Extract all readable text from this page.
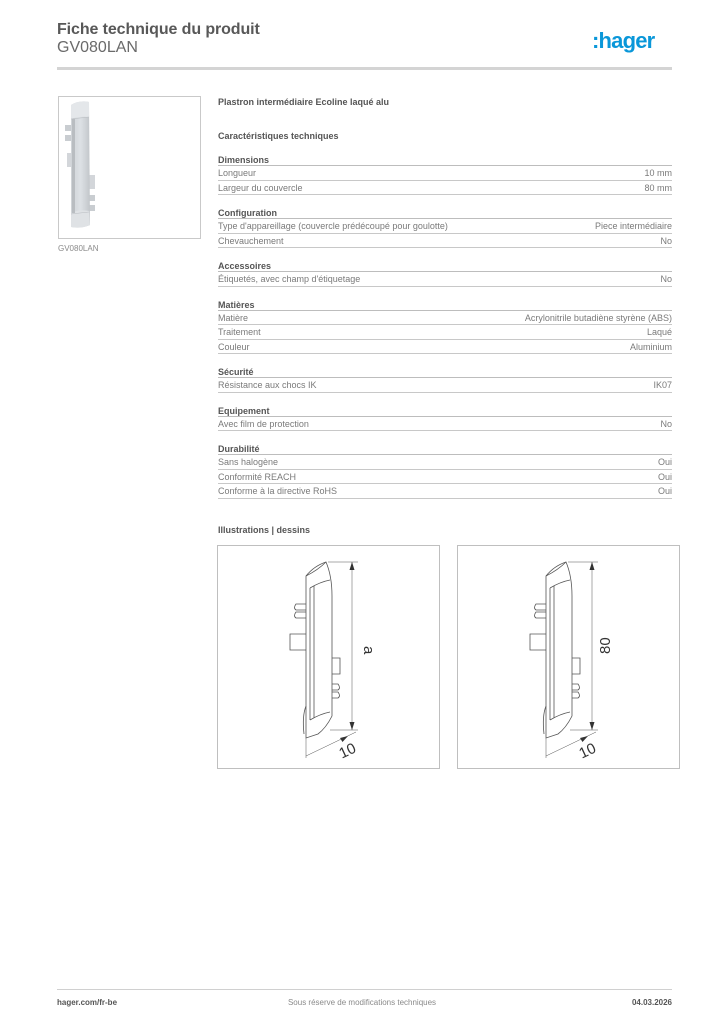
Fiche technique du produit
GV080LAN	:hager
GV080LAN
Plastron intermédiaire Ecoline laqué alu
Caractéristiques techniques
Dimensions
Longueur	10 mm
Largeur du couvercle	80 mm
Configuration
Type d'appareillage (couvercle prédécoupé pour goulotte)	Piece intermédiaire
Chevauchement	No
Accessoires
Étiquetés, avec champ d'étiquetage	No
Matières
Matière	Acrylonitrile butadiène styrène (ABS)
Traitement	Laqué
Couleur	Aluminium
Sécurité
Résistance aux chocs IK	IK07
Equipement
Avec film de protection	No
Durabilité
Sans halogène	Oui
Conformité REACH	Oui
Conforme à la directive RoHS	Oui
Illustrations | dessins
a
10
80
10
hager.com/fr-be	Sous réserve de modifications techniques	04.03.2026
